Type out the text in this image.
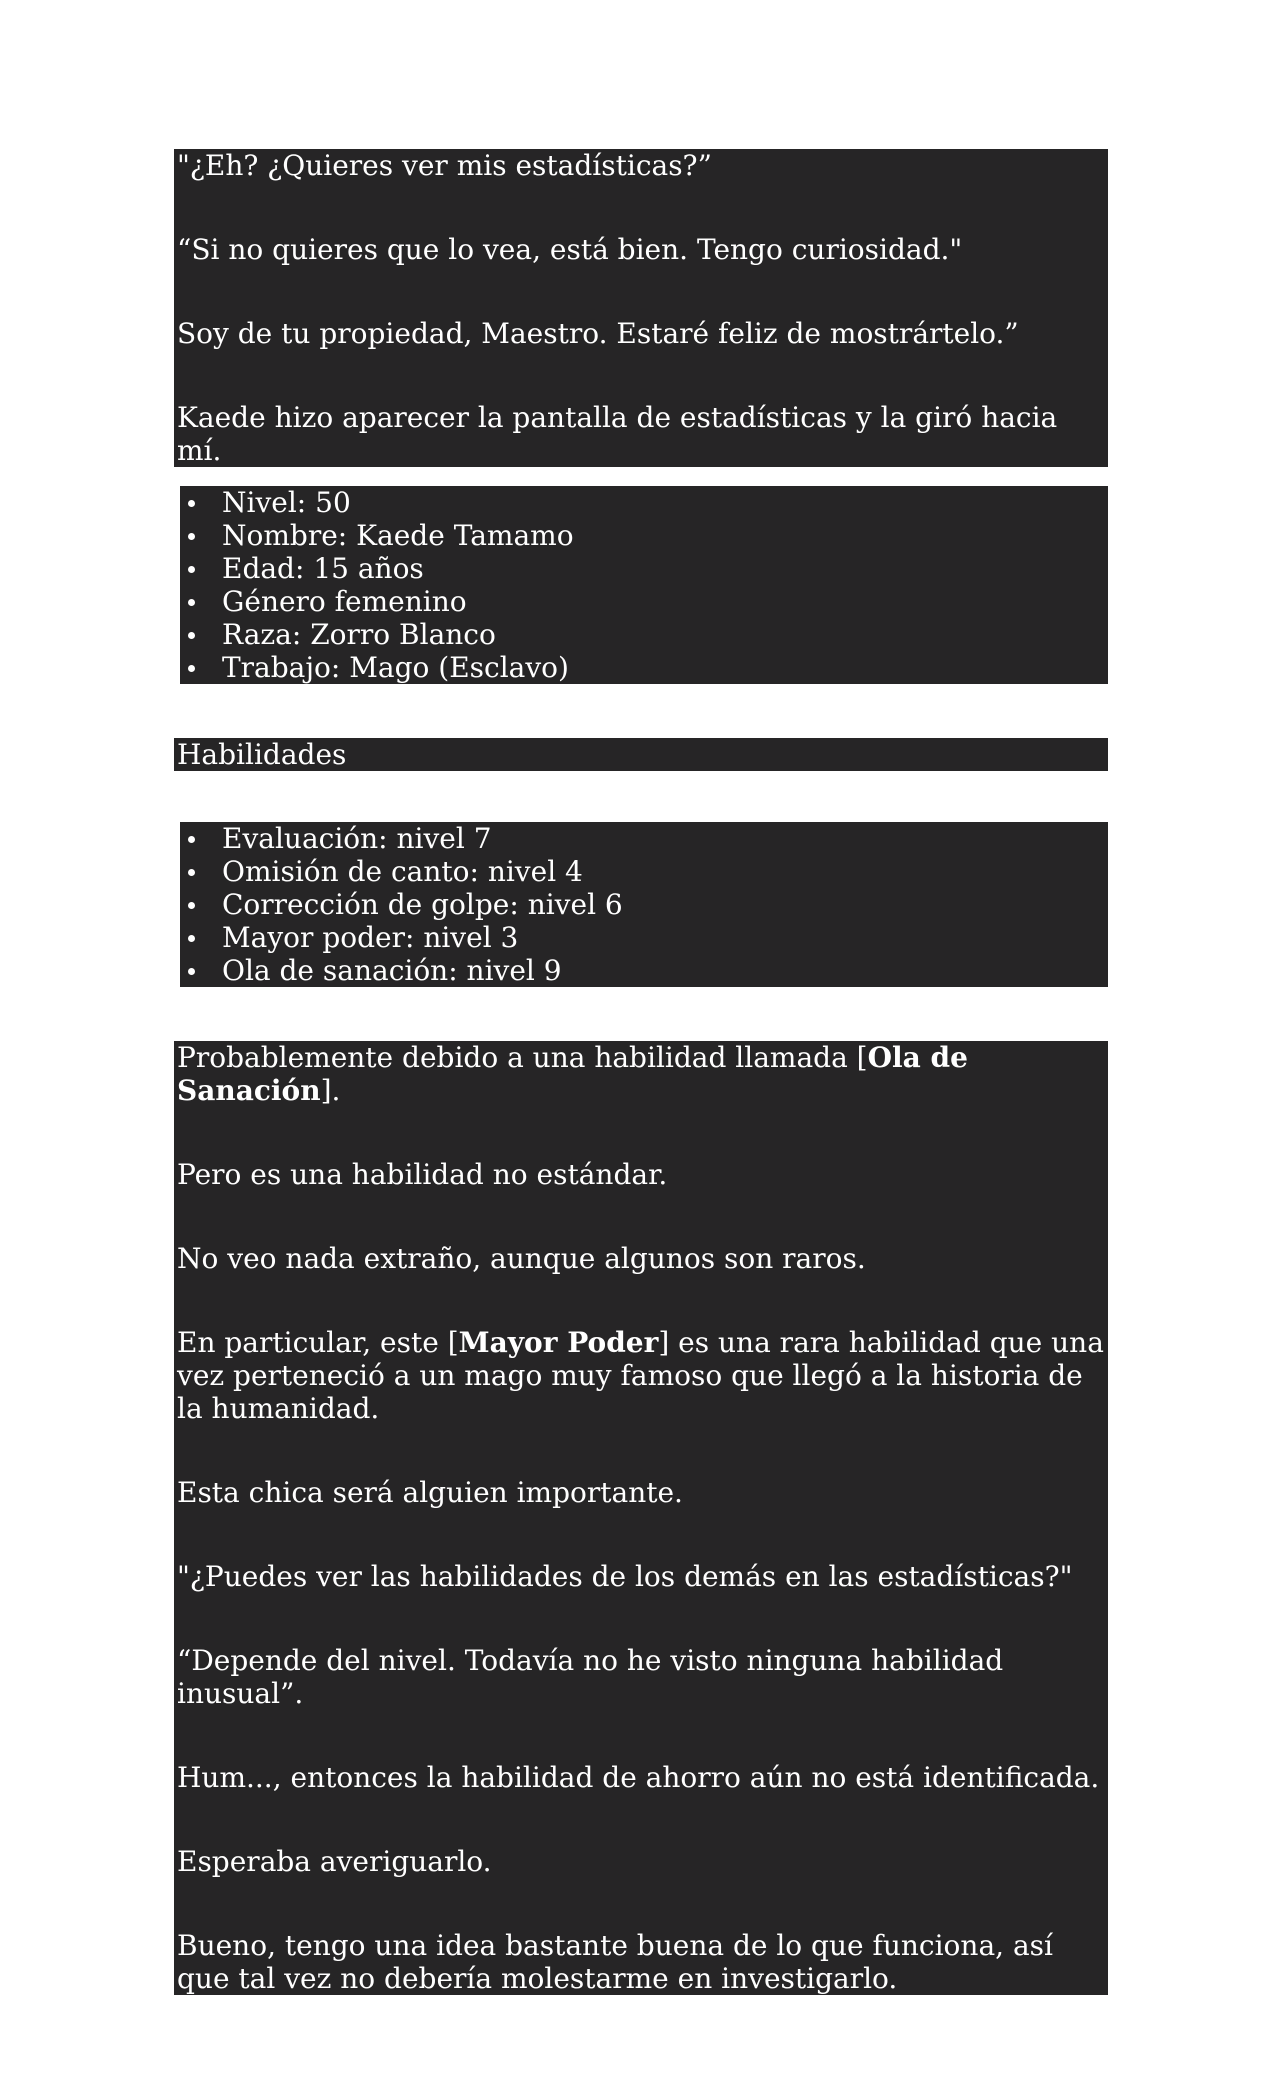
"¿Eh? ¿Quieres ver mis estadísticas?”

“Si no quieres que lo vea, está bien. Tengo curiosidad."

Soy de tu propiedad, Maestro. Estaré feliz de mostrártelo.”

Kaede hizo aparecer la pantalla de estadísticas y la giró hacia mí.

Nivel: 50
Nombre: Kaede Tamamo
Edad: 15 años
Género femenino
Raza: Zorro Blanco
Trabajo: Mago (Esclavo)

Habilidades

Evaluación: nivel 7
Omisión de canto: nivel 4
Corrección de golpe: nivel 6
Mayor poder: nivel 3
Ola de sanación: nivel 9

Probablemente debido a una habilidad llamada [Ola de Sanación].

Pero es una habilidad no estándar.

No veo nada extraño, aunque algunos son raros.

En particular, este [Mayor Poder] es una rara habilidad que una vez perteneció a un mago muy famoso que llegó a la historia de la humanidad.

Esta chica será alguien importante.

"¿Puedes ver las habilidades de los demás en las estadísticas?"

“Depende del nivel. Todavía no he visto ninguna habilidad inusual”.

Hum..., entonces la habilidad de ahorro aún no está identificada.

Esperaba averiguarlo.

Bueno, tengo una idea bastante buena de lo que funciona, así que tal vez no debería molestarme en investigarlo.
